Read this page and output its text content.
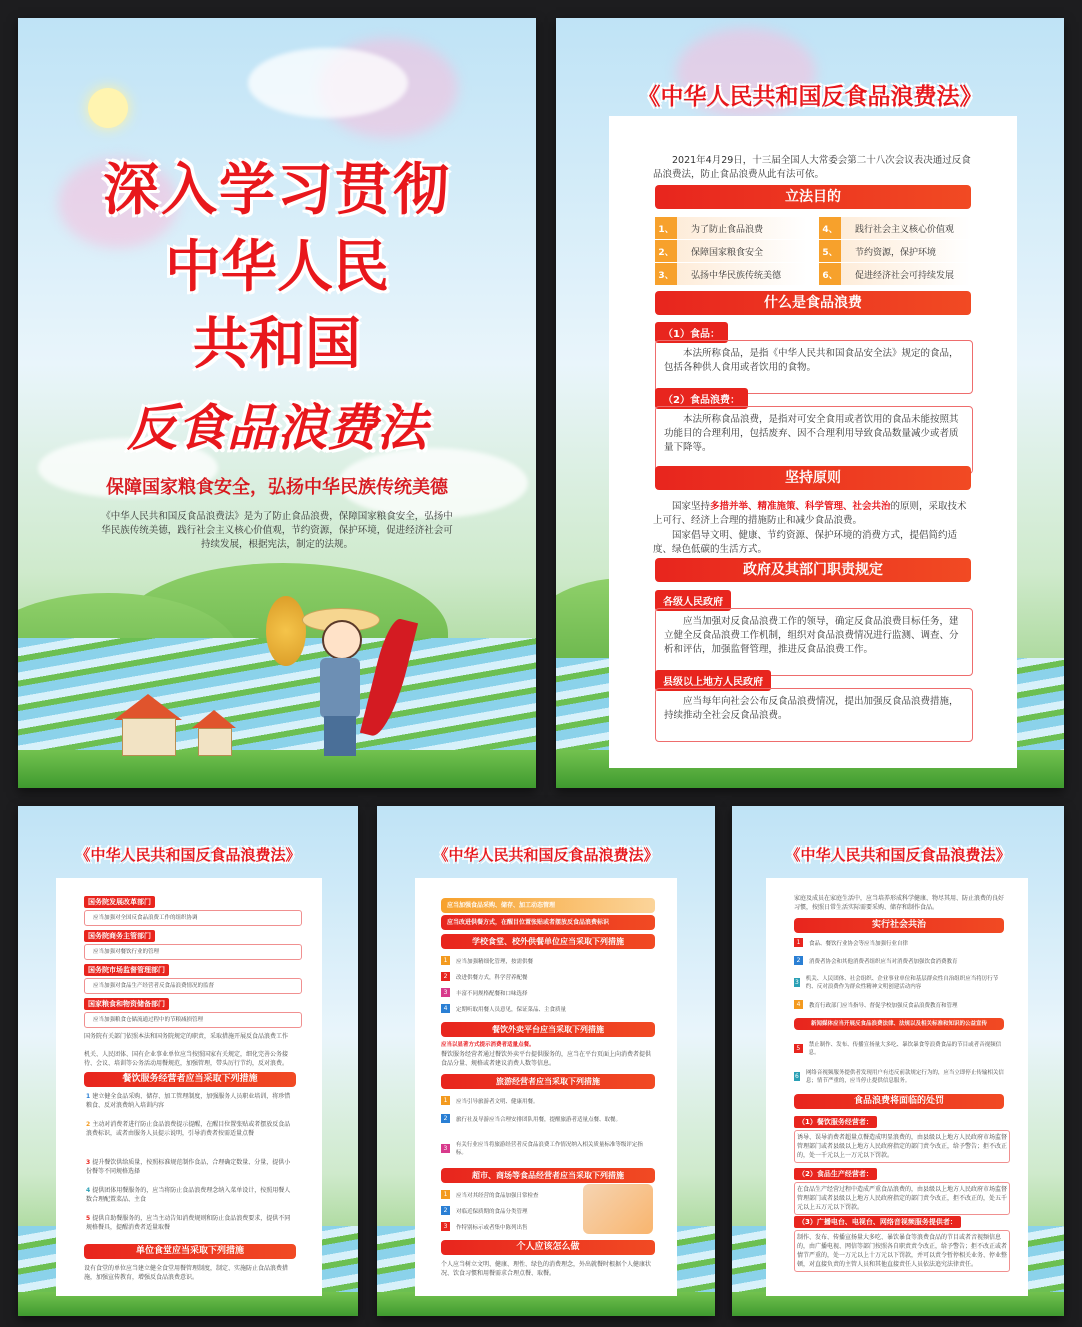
深入学习贯彻
中华人民
共和国
反食品浪费法
保障国家粮食安全，弘扬中华民族传统美德
《中华人民共和国反食品浪费法》是为了防止食品浪费，保障国家粮食安全，弘扬中华民族传统美德，践行社会主义核心价值观，节约资源，保护环境，促进经济社会可持续发展，根据宪法，制定的法规。
《中华人民共和国反食品浪费法》
2021年4月29日，十三届全国人大常委会第二十八次会议表决通过反食品浪费法，防止食品浪费从此有法可依。
立法目的
1、	为了防止食品浪费
2、	保障国家粮食安全
3、	弘扬中华民族传统美德
4、	践行社会主义核心价值观
5、	节约资源，保护环境
6、	促进经济社会可持续发展
什么是食品浪费
（1）食品：
本法所称食品，是指《中华人民共和国食品安全法》规定的食品，包括各种供人食用或者饮用的食物。
（2）食品浪费：
本法所称食品浪费，是指对可安全食用或者饮用的食品未能按照其功能目的合理利用，包括废弃、因不合理利用导致食品数量减少或者质量下降等。
坚持原则
国家坚持多措并举、精准施策、科学管理、社会共治的原则，采取技术上可行、经济上合理的措施防止和减少食品浪费。
国家倡导文明、健康、节约资源、保护环境的消费方式，提倡简约适度、绿色低碳的生活方式。
政府及其部门职责规定
各级人民政府
应当加强对反食品浪费工作的领导，确定反食品浪费目标任务，建立健全反食品浪费工作机制，组织对食品浪费情况进行监测、调查、分析和评估，加强监督管理，推进反食品浪费工作。
县级以上地方人民政府
应当每年向社会公布反食品浪费情况，提出加强反食品浪费措施，持续推动全社会反食品浪费。
《中华人民共和国反食品浪费法》
国务院发展改革部门
应当加强对全国反食品浪费工作的组织协调
国务院商务主管部门
应当加强对餐饮行业的管理
国务院市场监督管理部门
应当加强对食品生产经营者反食品浪费情况的监督
国家粮食和物资储备部门
应当加强粮食仓储流通过程中的节粮减损管理
国务院有关部门依照本法和国务院规定的职责，采取措施开展反食品浪费工作
机关、人民团体、国有企业事业单位应当按照国家有关规定，细化完善公务接待、会议、培训等公务活动用餐规范，加强管理，带头厉行节约，反对浪费。
餐饮服务经营者应当采取下列措施
1 建立健全食品采购、储存、加工管理制度，加强服务人员职业培训，将珍惜粮食、反对浪费纳入培训内容
2 主动对消费者进行防止食品浪费提示提醒，在醒目位置张贴或者摆放反食品浪费标识，或者由服务人员提示说明，引导消费者按需适量点餐
3 提升餐饮供给质量，按照标准规范制作食品，合理确定数量、分量，提供小份餐等不同规格选择
4 提供团体用餐服务的，应当将防止食品浪费理念纳入菜单设计，按照用餐人数合理配置菜品、主食
5 提供自助餐服务的，应当主动告知消费规则和防止食品浪费要求，提供不同规格餐具，提醒消费者适量取餐
单位食堂应当采取下列措施
设有食堂的单位应当建立健全食堂用餐管理制度，制定、实施防止食品浪费措施，加强宣传教育，增强反食品浪费意识。
《中华人民共和国反食品浪费法》
应当加强食品采购、储存、加工动态管理
应当改进供餐方式，在醒目位置张贴或者摆放反食品浪费标识
学校食堂、校外供餐单位应当采取下列措施
1	应当加强精细化管理，按需供餐
2	改进供餐方式，科学营养配餐
3	丰富不同规格配餐和口味选择
4	定期听取用餐人员意见，保证菜品、主食质量
餐饮外卖平台应当采取下列措施
应当以显著方式提示消费者适量点餐。
餐饮服务经营者通过餐饮外卖平台提供服务的，应当在平台页面上向消费者提供食品分量、规格或者建议消费人数等信息。
旅游经营者应当采取下列措施
1	应当引导旅游者文明、健康用餐。
2	旅行社及导游应当合理安排团队用餐，提醒旅游者适量点餐、取餐。
3	有关行业应当将旅游经营者反食品浪费工作情况纳入相关质量标准等级评定指标。
超市、商场等食品经营者应当采取下列措施
1	应当对其经营的食品加强日常检查
2	对临近保质期的食品分类管理
3	作特别标示或者集中陈列出售
个人应该怎么做
个人应当树立文明、健康、理性、绿色的消费理念，外出就餐时根据个人健康状况、饮食习惯和用餐需求合理点餐、取餐。
《中华人民共和国反食品浪费法》
家庭及成员在家庭生活中，应当培养形成科学健康、物尽其用、防止浪费的良好习惯，按照日常生活实际需要采购、储存和制作食品。
实行社会共治
1	食品、餐饮行业协会等应当加强行业自律
2	消费者协会和其他消费者组织应当对消费者加强饮食消费教育
3 机关、人民团体、社会组织、企业事业单位和基层群众性自治组织应当将厉行节约、反对浪费作为群众性精神文明创建活动内容
4	教育行政部门应当指导、督促学校加强反食品浪费教育和管理
新闻媒体应当开展反食品浪费法律、法规以及相关标准和知识的公益宣传
5	禁止制作、发布、传播宣扬量大多吃、暴饮暴食等浪费食品的节目或者音视频信息。
6 网络音视频服务提供者发现用户有违反前款规定行为的，应当立即停止传输相关信息；情节严重的，应当停止提供信息服务。
食品浪费将面临的处罚
（1）餐饮服务经营者：
诱导、误导消费者超量点餐造成明显浪费的，由县级以上地方人民政府市场监督管理部门或者县级以上地方人民政府指定的部门责令改正，给予警告；拒不改正的，处一千元以上一万元以下罚款。
（2）食品生产经营者：
在食品生产经营过程中造成严重食品浪费的，由县级以上地方人民政府市场监督管理部门或者县级以上地方人民政府指定的部门责令改正，拒不改正的，处五千元以上五万元以下罚款。
（3）广播电台、电视台、网络音视频服务提供者：
制作、发布、传播宣扬量大多吃、暴饮暴食等浪费食品的节目或者音视频信息的，由广播电视、网信等部门按照各自职责责令改正，给予警告；拒不改正或者情节严重的，处一万元以上十万元以下罚款，并可以责令暂停相关业务、停业整顿，对直接负责的主管人员和其他直接责任人员依法追究法律责任。
